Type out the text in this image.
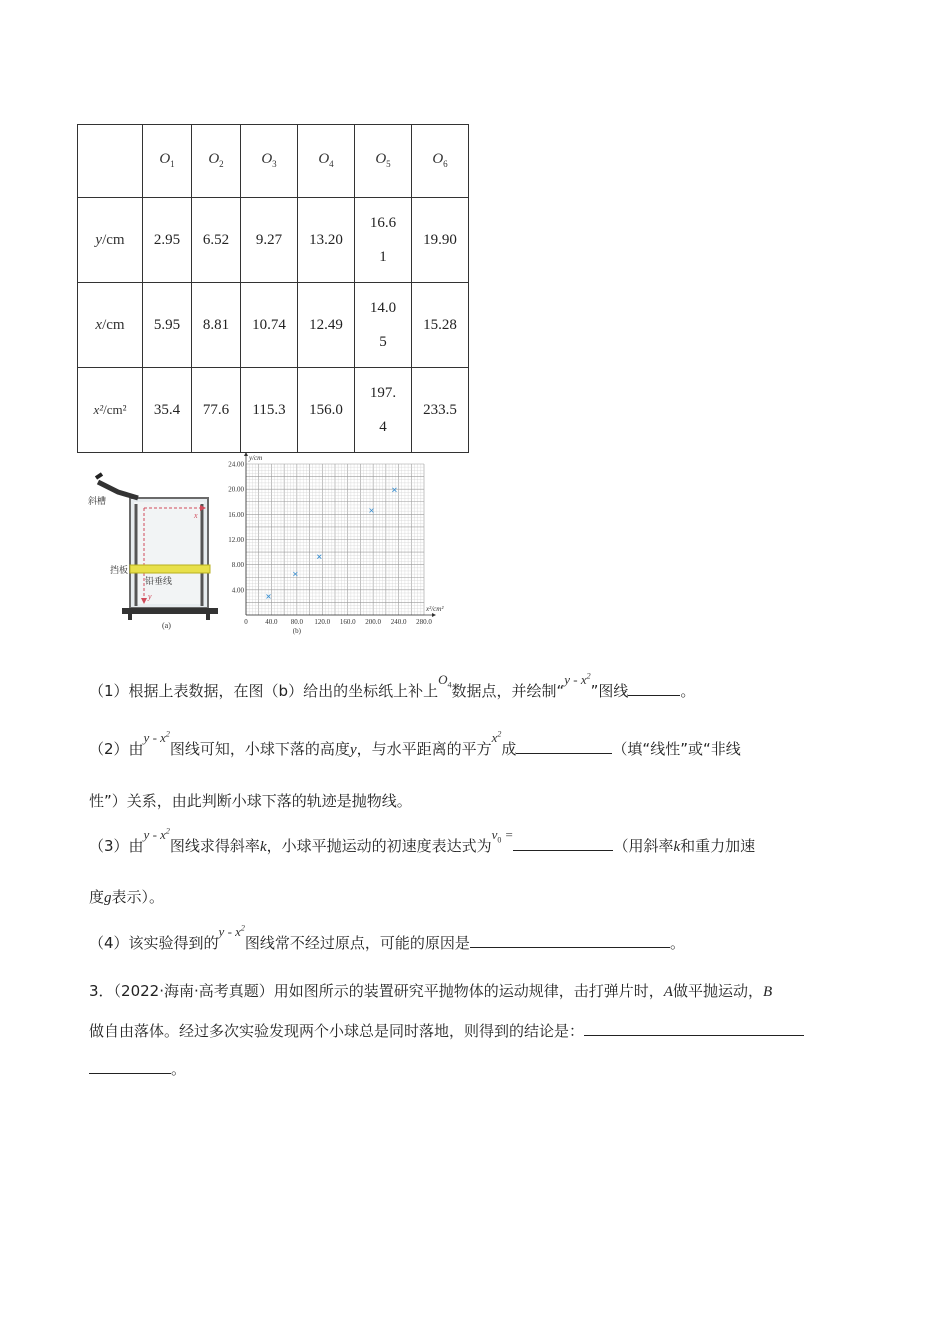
	$O_1$	$O_2$	$O_3$	$O_4$	$O_5$	$O_6$
y/cm	2.95	6.52	9.27	13.20	16.61	19.90
x/cm	5.95	8.81	10.74	12.49	14.05	15.28
x²/cm²	35.4	77.6	115.3	156.0	197.4	233.5
斜槽
挡板
铅垂线
x
y
(a)	0	40.0 80.0 120.0 160.0 200.0 240.0 280.0
4.00
8.00
12.00
16.00
20.00
24.00
x²/cm²
y/cm
(b)
（1）根据上表数据，在图（b）给出的坐标纸上补上$O_4$数据点，并绘制“y - $x^2$”图线	。
（2）由y - $x^2$图线可知，小球下落的高度y，与水平距离的平方$x^2$成	（填“线性”或“非线
性”）关系，由此判断小球下落的轨迹是抛物线。
（3）由y - $x^2$图线求得斜率k，小球平抛运动的初速度表达式为$v_0$ =（用斜率k和重力加速
度g表示）。
（4）该实验得到的y - $x^2$图线常不经过原点，可能的原因是	。
3．（2022·海南·高考真题）用如图所示的装置研究平抛物体的运动规律，击打弹片时，A做平抛运动，B
做自由落体。经过多次实验发现两个小球总是同时落地，则得到的结论是：
。
